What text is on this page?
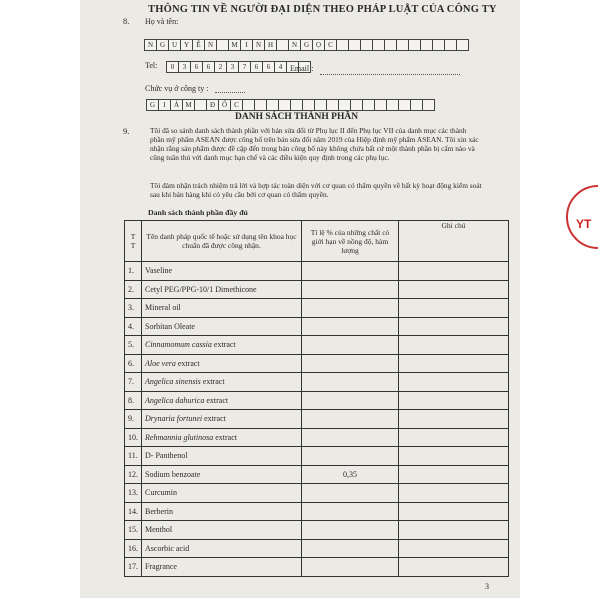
YT
THÔNG TIN VỀ NGƯỜI ĐẠI DIỆN THEO PHÁP LUẬT CỦA CÔNG TY
8. Họ và tên:
N G U Y	Ễ	N	M	I	N H	N G Ọ	C
Tel:	0	3	6	6	2	3	7	6	6	4 Email :
Chức vụ ở công ty :
G	I	Á M	Đ Ố	C
DANH SÁCH THÀNH PHẦN
9.	Tôi đã so sánh danh sách thành phần với bản sửa đổi từ Phụ lục II đến Phụ lục VII của danh mục các thành phần mỹ phẩm ASEAN được công bố trên bản sửa đổi năm 2019 của Hiệp định mỹ phẩm ASEAN. Tôi xin xác nhận rằng sản phẩm được đề cập đến trong bản công bố này không chứa bất cứ một thành phần bị cấm nào và cũng tuân thủ với danh mục hạn chế và các điều kiện quy định trong các phụ lục.
Tôi đảm nhận trách nhiệm trả lời và hợp tác toàn diện với cơ quan có thẩm quyền về bất kỳ hoạt động kiểm soát sau khi bán hàng khi có yêu cầu bởi cơ quan có thẩm quyền.
Danh sách thành phần đầy đủ
T T	Tên danh pháp quốc tế hoặc sử dụng tên khoa học chuẩn đã được công nhận.	Tỉ lệ % của những chất có giới hạn về nồng độ, hàm lượng	Ghi chú
1.	Vaseline		
2.	Cetyl PEG/PPG-10/1 Dimethicone		
3.	Mineral oil		
4.	Sorbitan Oleate		
5.	Cinnamomum cassia extract		
6.	Aloe vera extract		
7.	Angelica sinensis extract		
8.	Angelica dahurica extract		
9.	Drynaria fortunei extract		
10.	Rehmannia glutinosa extract		
11.	D- Panthenol		
12.	Sodium benzoate	0,35	
13.	Curcumin		
14.	Berberin		
15.	Menthol		
16.	Ascorbic acid		
17.	Fragrance		
3
